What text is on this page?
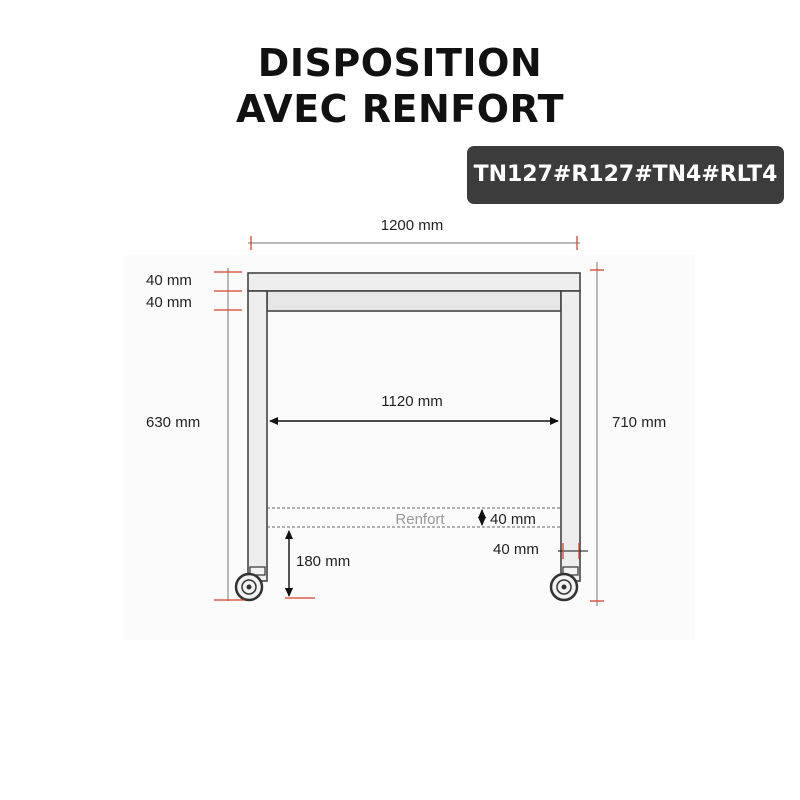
DISPOSITION
AVEC RENFORT
TN127#R127#TN4#RLT4
Renfort
1200 mm
40 mm
40 mm
630 mm	710 mm
1120 mm
40 mm
40 mm
180 mm
